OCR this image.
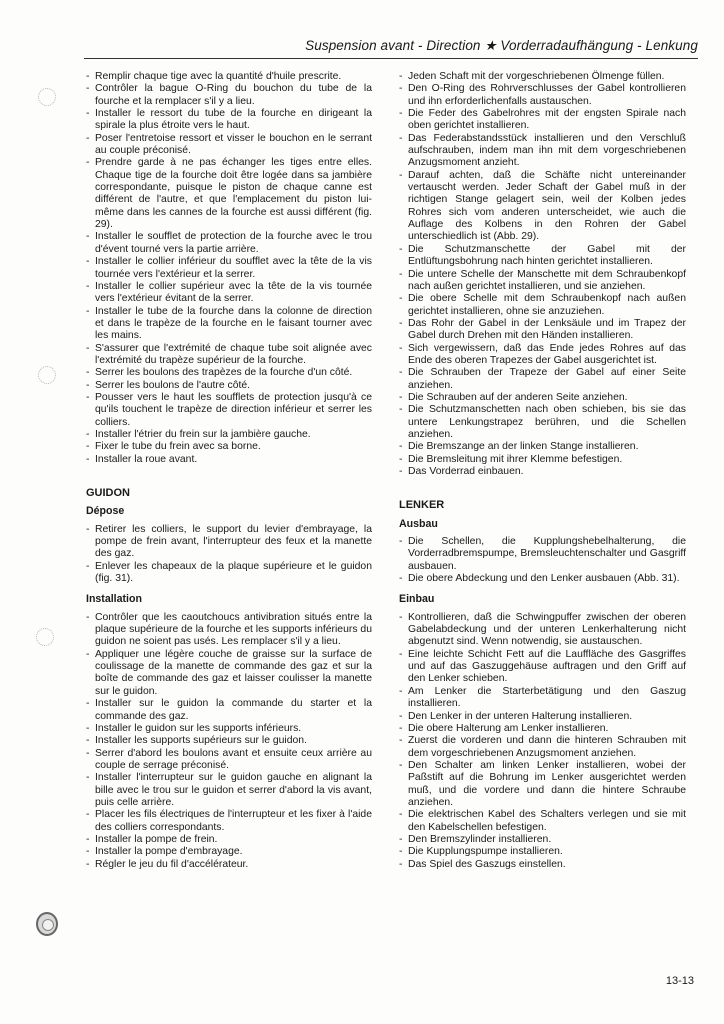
Suspension avant - Direction ★ Vorderradaufhängung - Lenkung
- Remplir chaque tige avec la quantité d'huile prescrite.
- Contrôler la bague O-Ring du bouchon du tube de la fourche et la remplacer s'il y a lieu.
- Installer le ressort du tube de la fourche en dirigeant la spirale la plus étroite vers le haut.
- Poser l'entretoise ressort et visser le bouchon en le serrant au couple préconisé.
- Prendre garde à ne pas échanger les tiges entre elles. Chaque tige de la fourche doit être logée dans sa jambière correspondante, puisque le piston de chaque canne est différent de l'autre, et que l'emplacement du piston lui-même dans les cannes de la fourche est aussi différent (fig. 29).
- Installer le soufflet de protection de la fourche avec le trou d'évent tourné vers la partie arrière.
- Installer le collier inférieur du soufflet avec la tête de la vis tournée vers l'extérieur et la serrer.
- Installer le collier supérieur avec la tête de la vis tournée vers l'extérieur évitant de la serrer.
- Installer le tube de la fourche dans la colonne de direction et dans le trapèze de la fourche en le faisant tourner avec les mains.
- S'assurer que l'extrémité de chaque tube soit alignée avec l'extrémité du trapèze supérieur de la fourche.
- Serrer les boulons des trapèzes de la fourche d'un côté.
- Serrer les boulons de l'autre côté.
- Pousser vers le haut les soufflets de protection jusqu'à ce qu'ils touchent le trapèze de direction inférieur et serrer les colliers.
- Installer l'étrier du frein sur la jambière gauche.
- Fixer le tube du frein avec sa borne.
- Installer la roue avant.
GUIDON
Dépose
- Retirer les colliers, le support du levier d'embrayage, la pompe de frein avant, l'interrupteur des feux et la manette des gaz.
- Enlever les chapeaux de la plaque supérieure et le guidon (fig. 31).
Installation
- Contrôler que les caoutchoucs antivibration situés entre la plaque supérieure de la fourche et les supports inférieurs du guidon ne soient pas usés. Les remplacer s'il y a lieu.
- Appliquer une légère couche de graisse sur la surface de coulissage de la manette de commande des gaz et sur la boîte de commande des gaz et laisser coulisser la manette sur le guidon.
- Installer sur le guidon la commande du starter et la commande des gaz.
- Installer le guidon sur les supports inférieurs.
- Installer les supports supérieurs sur le guidon.
- Serrer d'abord les boulons avant et ensuite ceux arrière au couple de serrage préconisé.
- Installer l'interrupteur sur le guidon gauche en alignant la bille avec le trou sur le guidon et serrer d'abord la vis avant, puis celle arrière.
- Placer les fils électriques de l'interrupteur et les fixer à l'aide des colliers correspondants.
- Installer la pompe de frein.
- Installer la pompe d'embrayage.
- Régler le jeu du fil d'accélérateur.
- Jeden Schaft mit der vorgeschriebenen Ölmenge füllen.
- Den O-Ring des Rohrverschlusses der Gabel kontrollieren und ihn erforderlichenfalls austauschen.
- Die Feder des Gabelrohres mit der engsten Spirale nach oben gerichtet installieren.
- Das Federabstandsstück installieren und den Verschluß aufschrauben, indem man ihn mit dem vorgeschriebenen Anzugsmoment anzieht.
- Darauf achten, daß die Schäfte nicht untereinander vertauscht werden. Jeder Schaft der Gabel muß in der richtigen Stange gelagert sein, weil der Kolben jedes Rohres sich vom anderen unterscheidet, wie auch die Auflage des Kolbens in den Rohren der Gabel unterschiedlich ist (Abb. 29).
- Die Schutzmanschette der Gabel mit der Entlüftungsbohrung nach hinten gerichtet installieren.
- Die untere Schelle der Manschette mit dem Schraubenkopf nach außen gerichtet installieren, und sie anziehen.
- Die obere Schelle mit dem Schraubenkopf nach außen gerichtet installieren, ohne sie anzuziehen.
- Das Rohr der Gabel in der Lenksäule und im Trapez der Gabel durch Drehen mit den Händen installieren.
- Sich vergewissern, daß das Ende jedes Rohres auf das Ende des oberen Trapezes der Gabel ausgerichtet ist.
- Die Schrauben der Trapeze der Gabel auf einer Seite anziehen.
- Die Schrauben auf der anderen Seite anziehen.
- Die Schutzmanschetten nach oben schieben, bis sie das untere Lenkungstrapez berühren, und die Schellen anziehen.
- Die Bremszange an der linken Stange installieren.
- Die Bremsleitung mit ihrer Klemme befestigen.
- Das Vorderrad einbauen.
LENKER
Ausbau
- Die Schellen, die Kupplungshebelhalterung, die Vorderradbremspumpe, Bremsleuchtenschalter und Gasgriff ausbauen.
- Die obere Abdeckung und den Lenker ausbauen (Abb. 31).
Einbau
- Kontrollieren, daß die Schwingpuffer zwischen der oberen Gabelabdeckung und der unteren Lenkerhalterung nicht abgenutzt sind. Wenn notwendig, sie austauschen.
- Eine leichte Schicht Fett auf die Lauffläche des Gasgriffes und auf das Gaszuggehäuse auftragen und den Griff auf den Lenker schieben.
- Am Lenker die Starterbetätigung und den Gaszug installieren.
- Den Lenker in der unteren Halterung installieren.
- Die obere Halterung am Lenker installieren.
- Zuerst die vorderen und dann die hinteren Schrauben mit dem vorgeschriebenen Anzugsmoment anziehen.
- Den Schalter am linken Lenker installieren, wobei der Paßstift auf die Bohrung im Lenker ausgerichtet werden muß, und die vordere und dann die hintere Schraube anziehen.
- Die elektrischen Kabel des Schalters verlegen und sie mit den Kabelschellen befestigen.
- Den Bremszylinder installieren.
- Die Kupplungspumpe installieren.
- Das Spiel des Gaszugs einstellen.
13-13
